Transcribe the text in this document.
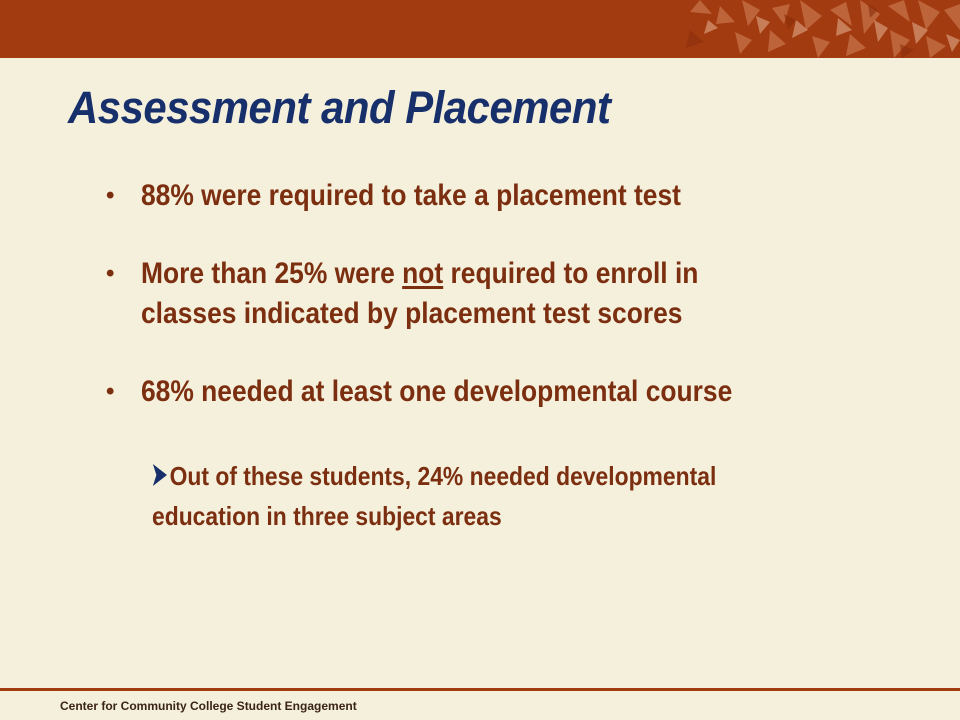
Assessment and Placement
• 88% were required to take a placement test
• More than 25% were not required to enroll in
classes indicated by placement test scores
• 68% needed at least one developmental course
Out of these students, 24% needed developmental
education in three subject areas
Center for Community College Student Engagement
